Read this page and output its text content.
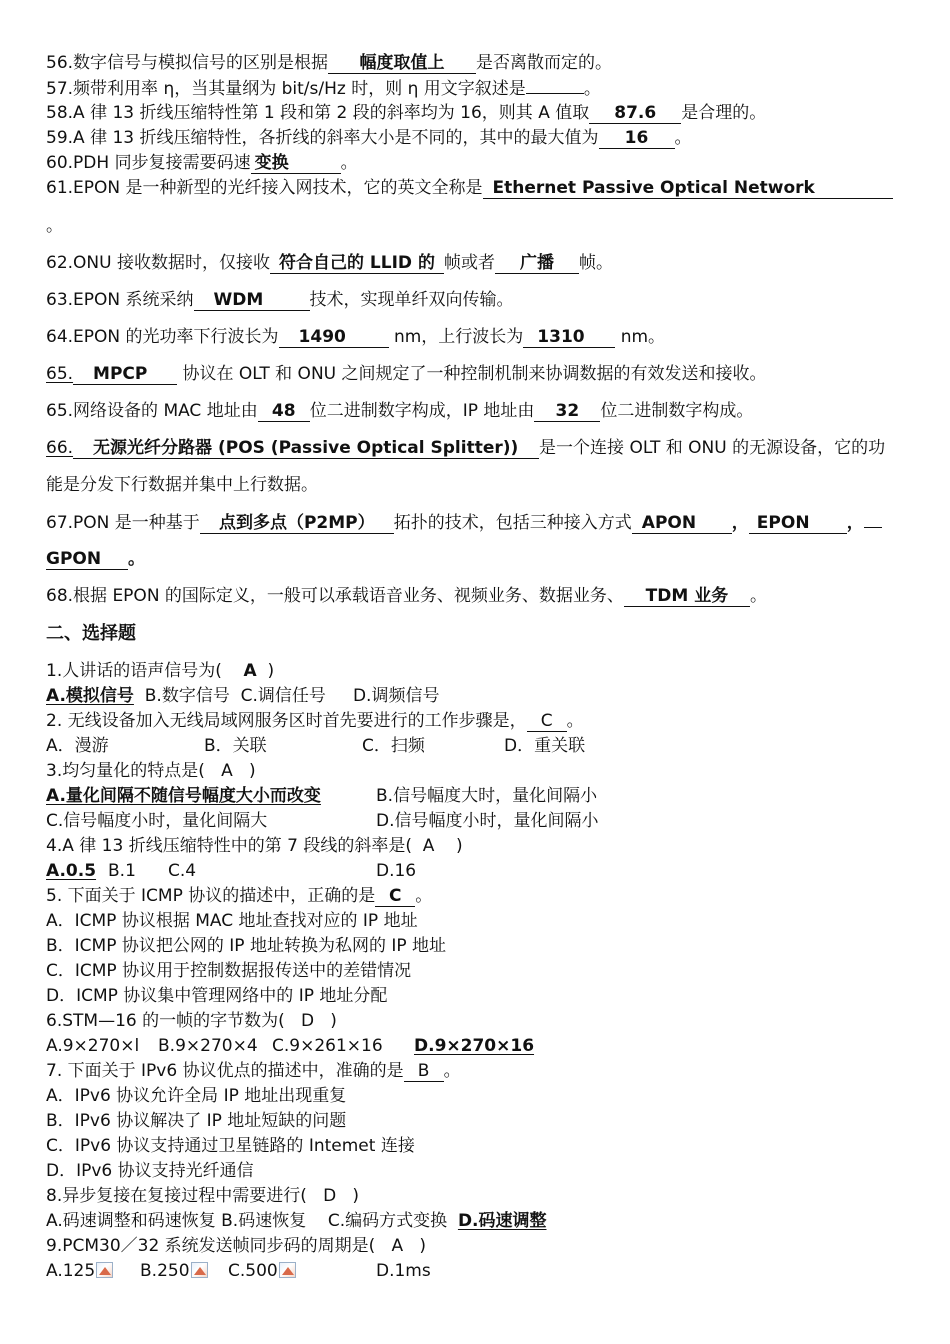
56.数字信号与模拟信号的区别是根据 幅度取值上 是否离散而定的。
57.频带利用率 η，当其量纲为 bit/s/Hz 时，则 η 用文字叙述是	。
58.A 律 13 折线压缩特性第 1 段和第 2 段的斜率均为 16，则其 A 值取 87.6 是合理的。
59.A 律 13 折线压缩特性，各折线的斜率大小是不同的，其中的最大值为 16 。
60.PDH 同步复接需要码速 变换	。
61.EPON 是一种新型的光纤接入网技术，它的英文全称是 Ethernet Passive Optical Network
。
62.ONU 接收数据时，仅接收 符合自己的 LLID 的 帧或者 广播 帧。
63.EPON 系统采纳 WDM	技术，实现单纤双向传输。
64.EPON 的光功率下行波长为 1490	nm，上行波长为 1310 nm。
65. MPCP 协议在 OLT 和 ONU 之间规定了一种控制机制来协调数据的有效发送和接收。
65.网络设备的 MAC 地址由 48 位二进制数字构成，IP 地址由 32 位二进制数字构成。
66. 无源光纤分路器 (POS (Passive Optical Splitter)) 是一个连接 OLT 和 ONU 的无源设备，它的功
能是分发下行数据并集中上行数据。
67.PON 是一种基于 点到多点（P2MP） 拓扑的技术，包括三种接入方式 APON ， EPON ，
GPON 。
68.根据 EPON 的国际定义，一般可以承载语音业务、视频业务、数据业务、 TDM 业务 。
二、选择题
1.人讲话的语声信号为( A )
A.模拟信号 B.数字信号 C.调信任号 D.调频信号
2. 无线设备加入无线局域网服务区时首先要进行的工作步骤是， C 。
A．漫游	B．关联	C．扫频	D．重关联
3.均匀量化的特点是( A )
A.量化间隔不随信号幅度大小而改变	B.信号幅度大时，量化间隔小
C.信号幅度小时，量化间隔大	D.信号幅度小时，量化间隔小
4.A 律 13 折线压缩特性中的第 7 段线的斜率是( A )
A.0.5 B.1 C.4	D.16
5. 下面关于 ICMP 协议的描述中，正确的是 C 。
A．ICMP 协议根据 MAC 地址查找对应的 IP 地址
B．ICMP 协议把公网的 IP 地址转换为私网的 IP 地址
C．ICMP 协议用于控制数据报传送中的差错情况
D．ICMP 协议集中管理网络中的 IP 地址分配
6.STM—16 的一帧的字节数为( D )
A.9×270×l B.9×270×4 C.9×261×16 D.9×270×16
7. 下面关于 IPv6 协议优点的描述中，准确的是 B 。
A．IPv6 协议允许全局 IP 地址出现重复
B．IPv6 协议解决了 IP 地址短缺的问题
C．IPv6 协议支持通过卫星链路的 Intemet 连接
D．IPv6 协议支持光纤通信
8.异步复接在复接过程中需要进行( D )
A.码速调整和码速恢复 B.码速恢复 C.编码方式变换 D.码速调整
9.PCM30／32 系统发送帧同步码的周期是( A )
A.125	B.250	C.500	D.1ms
